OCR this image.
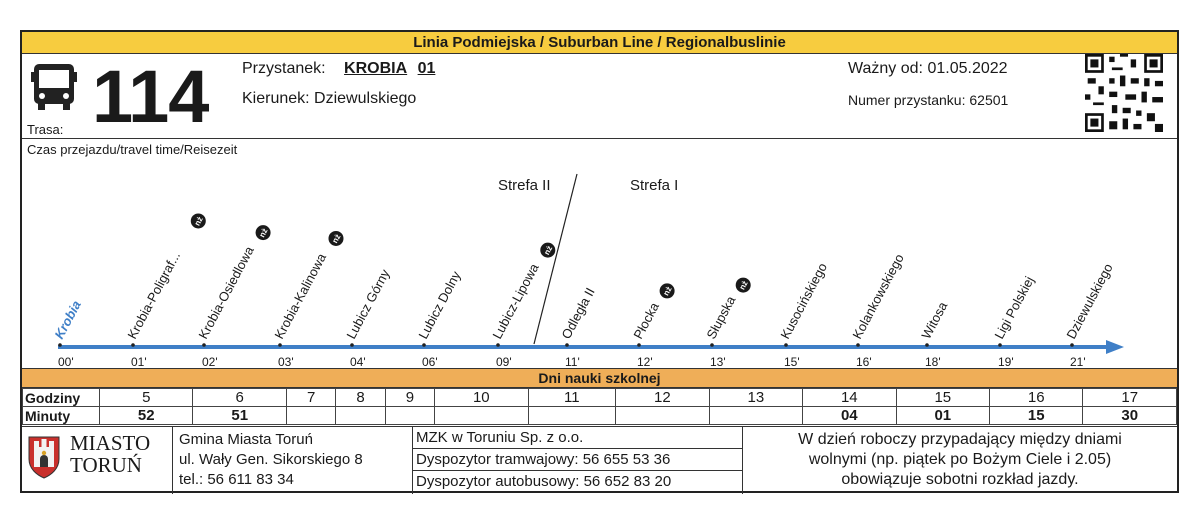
Linia Podmiejska / Suburban Line / Regionalbuslinie
114
Trasa:
Przystanek: KROBIA 01
Kierunek: Dziewulskiego
Ważny od: 01.05.2022
Numer przystanku: 62501
Czas przejazdu/travel time/Reisezeit
Strefa II	Strefa I
Krobia
00'
Krobia-Poligraf...
01'
nż
Krobia-Osiedlowa
02'
nż
Krobia-Kalinowa
03'
nż
Lubicz Górny
04'
Lubicz Dolny
06'
Lubicz-Lipowa
09'
nż
Odległa II
11'
Płocka
12'
nż
Słupska
13'
nż Kusocińskiego
15'
Kolankowskiego
16'
Witosa
18'
Ligi Polskiej
19'
Dziewulskiego
21'
Dni nauki szkolnej
Godziny	5	6	7	8	9	10	11	12	13	14	15	16	17
Minuty	52	51								04	01	15	30
MIASTO
TORUŃ
Gmina Miasta Toruń
ul. Wały Gen. Sikorskiego 8
tel.: 56 611 83 34
MZK w Toruniu Sp. z o.o.
Dyspozytor tramwajowy: 56 655 53 36
Dyspozytor autobusowy: 56 652 83 20
W dzień roboczy przypadający między dniami
wolnymi (np. piątek po Bożym Ciele i 2.05)
obowiązuje sobotni rozkład jazdy.
